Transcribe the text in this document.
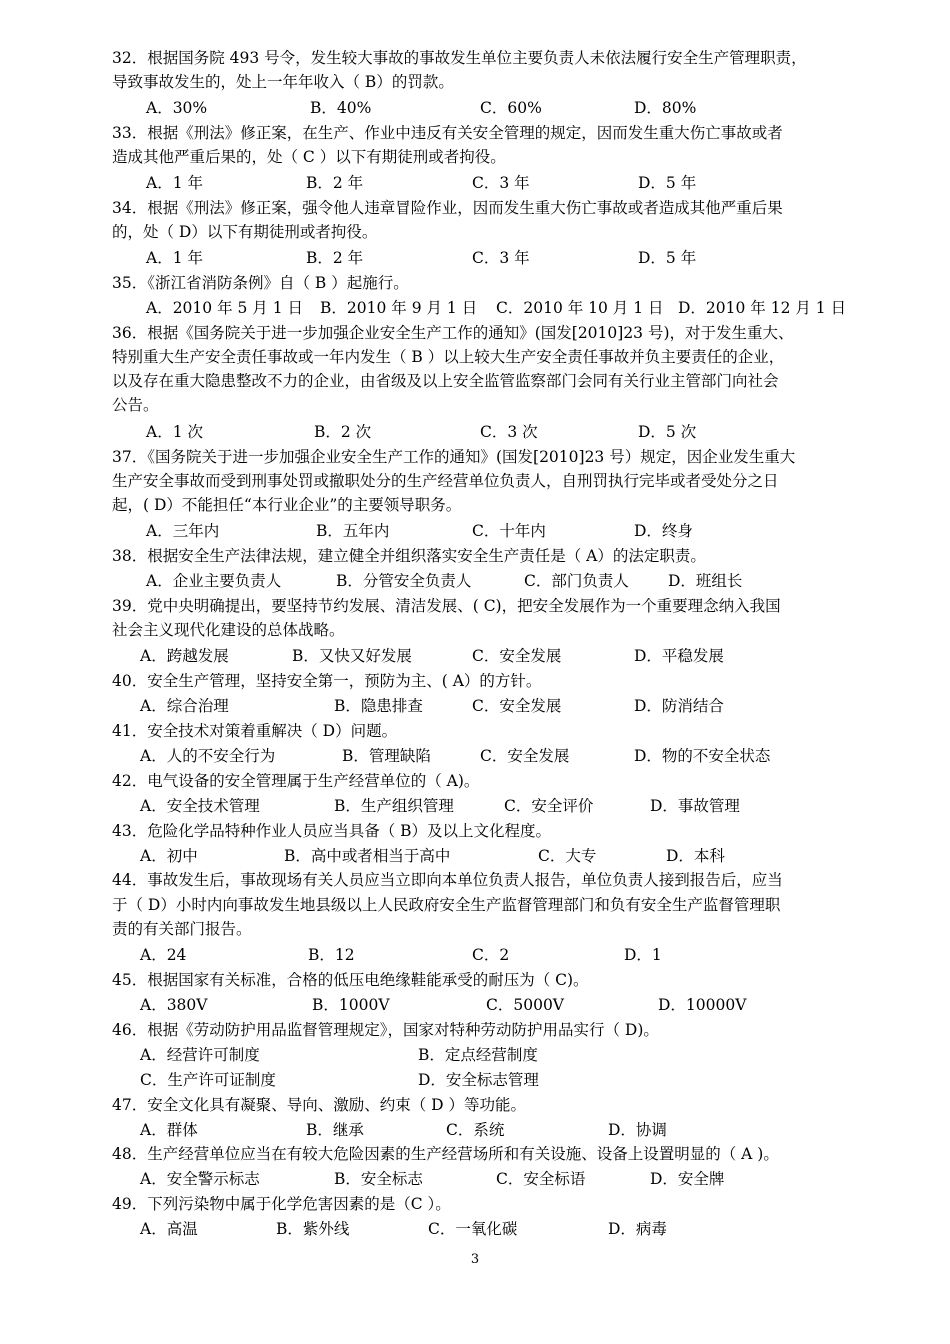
32．根据国务院 493 号令，发生较大事故的事故发生单位主要负责人未依法履行安全生产管理职责，
导致事故发生的，处上一年年收入（ B）的罚款。
A．30%	B．40%	C．60%	D．80%
33．根据《刑法》修正案，在生产、作业中违反有关安全管理的规定，因而发生重大伤亡事故或者
造成其他严重后果的，处（ C ）以下有期徒刑或者拘役。
A．1 年	B．2 年	C．3 年	D．5 年
34．根据《刑法》修正案，强令他人违章冒险作业，因而发生重大伤亡事故或者造成其他严重后果
的，处（ D）以下有期徒刑或者拘役。
A．1 年	B．2 年	C．3 年	D．5 年
35．《浙江省消防条例》自（ B ）起施行。
A．2010 年 5 月 1 日 B．2010 年 9 月 1 日 C．2010 年 10 月 1 日 D．2010 年 12 月 1 日
36．根据《国务院关于进一步加强企业安全生产工作的通知》(国发[2010]23 号)，对于发生重大、
特别重大生产安全责任事故或一年内发生（ B ）以上较大生产安全责任事故并负主要责任的企业，
以及存在重大隐患整改不力的企业，由省级及以上安全监管监察部门会同有关行业主管部门向社会
公告。
A．1 次	B．2 次	C．3 次	D．5 次
37．《国务院关于进一步加强企业安全生产工作的通知》(国发[2010]23 号）规定，因企业发生重大
生产安全事故而受到刑事处罚或撤职处分的生产经营单位负责人，自刑罚执行完毕或者受处分之日
起，( D）不能担任“本行业企业”的主要领导职务。
A．三年内	B．五年内	C．十年内	D．终身
38．根据安全生产法律法规，建立健全并组织落实安全生产责任是（ A）的法定职责。
A．企业主要负责人	B．分管安全负责人	C．部门负责人	D．班组长
39．党中央明确提出，要坚持节约发展、清洁发展、( C)，把安全发展作为一个重要理念纳入我国
社会主义现代化建设的总体战略。
A．跨越发展	B．又快又好发展	C．安全发展	D．平稳发展
40．安全生产管理，坚持安全第一，预防为主、( A）的方针。
A．综合治理	B．隐患排查	C．安全发展	D．防消结合
41．安全技术对策着重解决（ D）问题。
A．人的不安全行为	B．管理缺陷	C．安全发展	D．物的不安全状态
42．电气设备的安全管理属于生产经营单位的（ A)。
A．安全技术管理	B．生产组织管理	C．安全评价	D．事故管理
43．危险化学品特种作业人员应当具备（ B）及以上文化程度。
A．初中	B．高中或者相当于高中	C．大专	D．本科
44．事故发生后，事故现场有关人员应当立即向本单位负责人报告，单位负责人接到报告后，应当
于（ D）小时内向事故发生地县级以上人民政府安全生产监督管理部门和负有安全生产监督管理职
责的有关部门报告。
A．24	B．12	C．2	D．1
45．根据国家有关标准，合格的低压电绝缘鞋能承受的耐压为（ C)。
A．380V	B．1000V	C．5000V	D．10000V
46．根据《劳动防护用品监督管理规定》，国家对特种劳动防护用品实行（ D)。
A．经营许可制度	B．定点经营制度
C．生产许可证制度	D．安全标志管理
47．安全文化具有凝聚、导向、激励、约束（ D ）等功能。
A．群体	B．继承	C．系统	D．协调
48．生产经营单位应当在有较大危险因素的生产经营场所和有关设施、设备上设置明显的（ A )。
A．安全警示标志	B．安全标志	C．安全标语	D．安全牌
49．下列污染物中属于化学危害因素的是（C ）。
A．高温	B．紫外线	C．一氧化碳	D．病毒
3
